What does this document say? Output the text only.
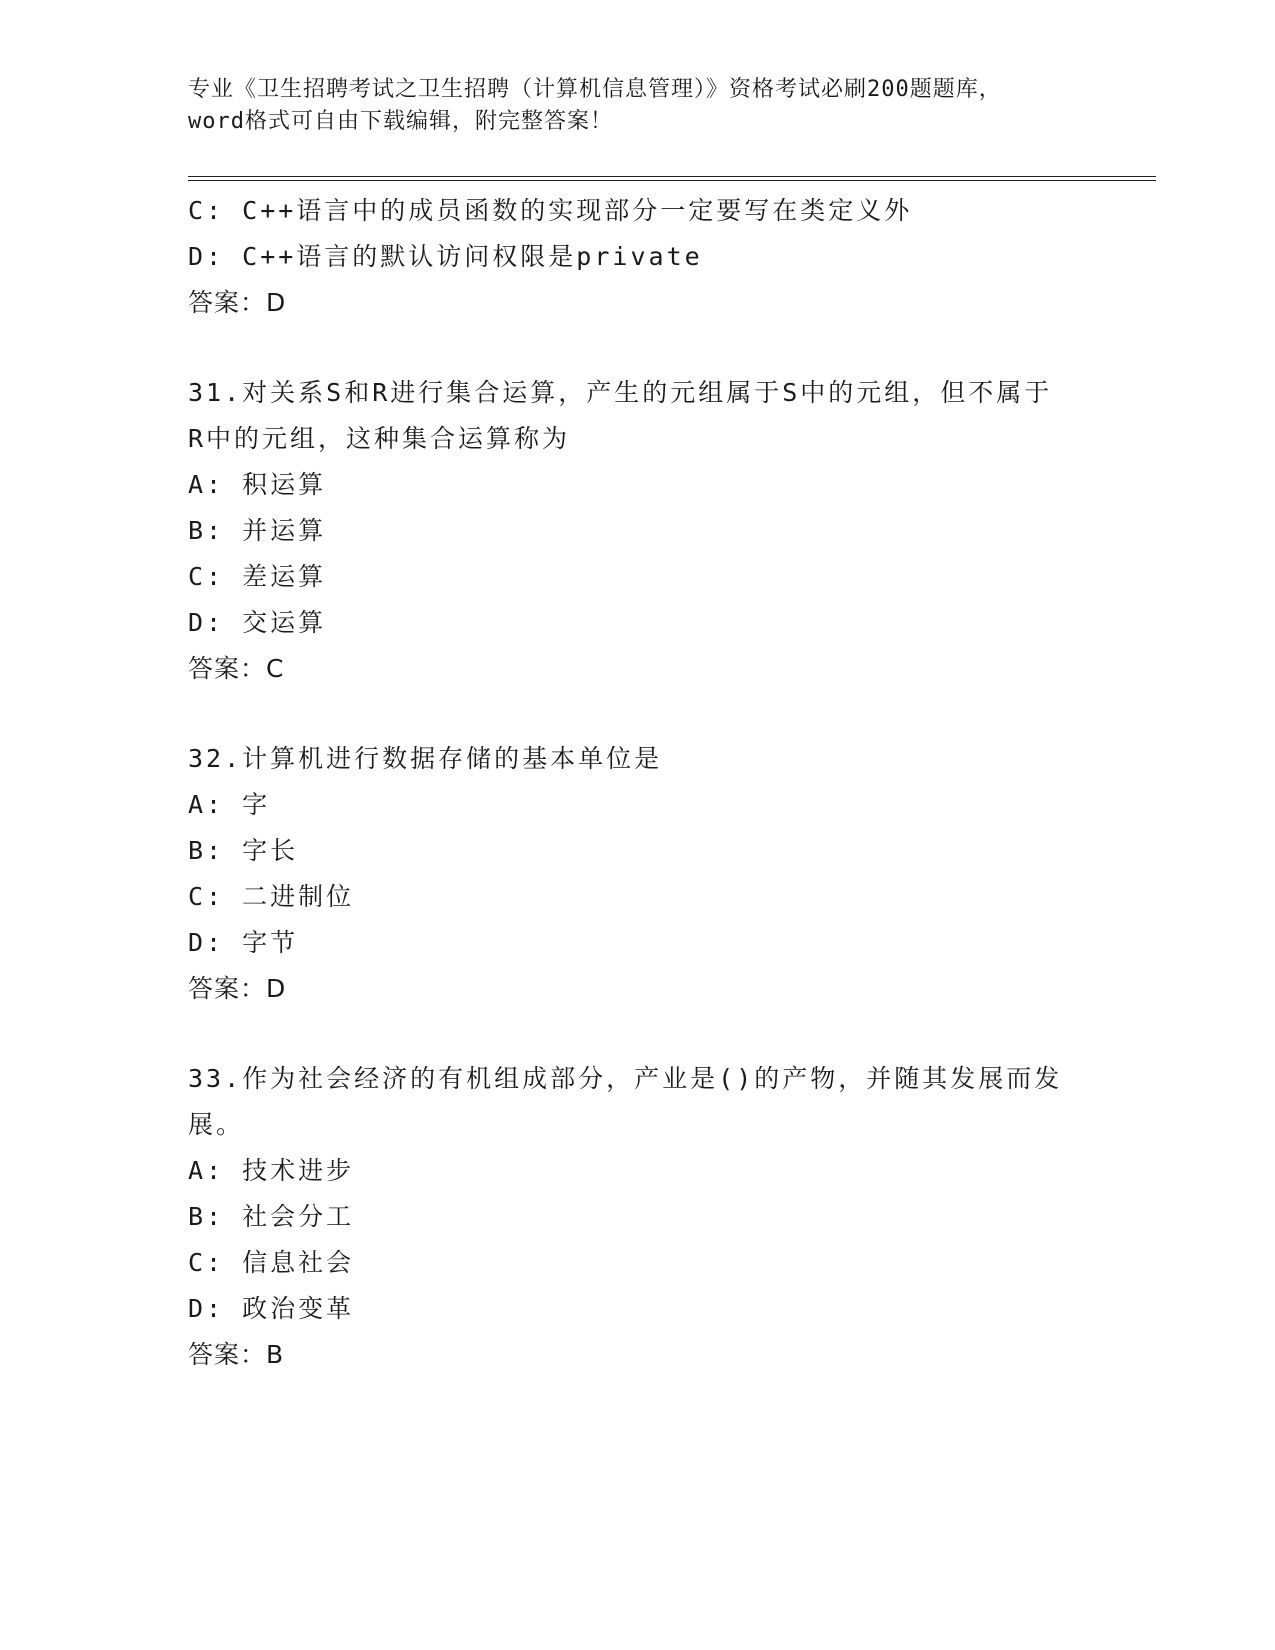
专业《卫生招聘考试之卫生招聘（计算机信息管理）》资格考试必刷200题题库，
word格式可自由下载编辑，附完整答案！
C: C++语言中的成员函数的实现部分一定要写在类定义外
D: C++语言的默认访问权限是private
答案：D
31.对关系S和R进行集合运算，产生的元组属于S中的元组，但不属于R中的元组，这种集合运算称为
A: 积运算
B: 并运算
C: 差运算
D: 交运算
答案：C
32.计算机进行数据存储的基本单位是
A: 字
B: 字长
C: 二进制位
D: 字节
答案：D
33.作为社会经济的有机组成部分，产业是()的产物，并随其发展而发展。
A: 技术进步
B: 社会分工
C: 信息社会
D: 政治变革
答案：B
